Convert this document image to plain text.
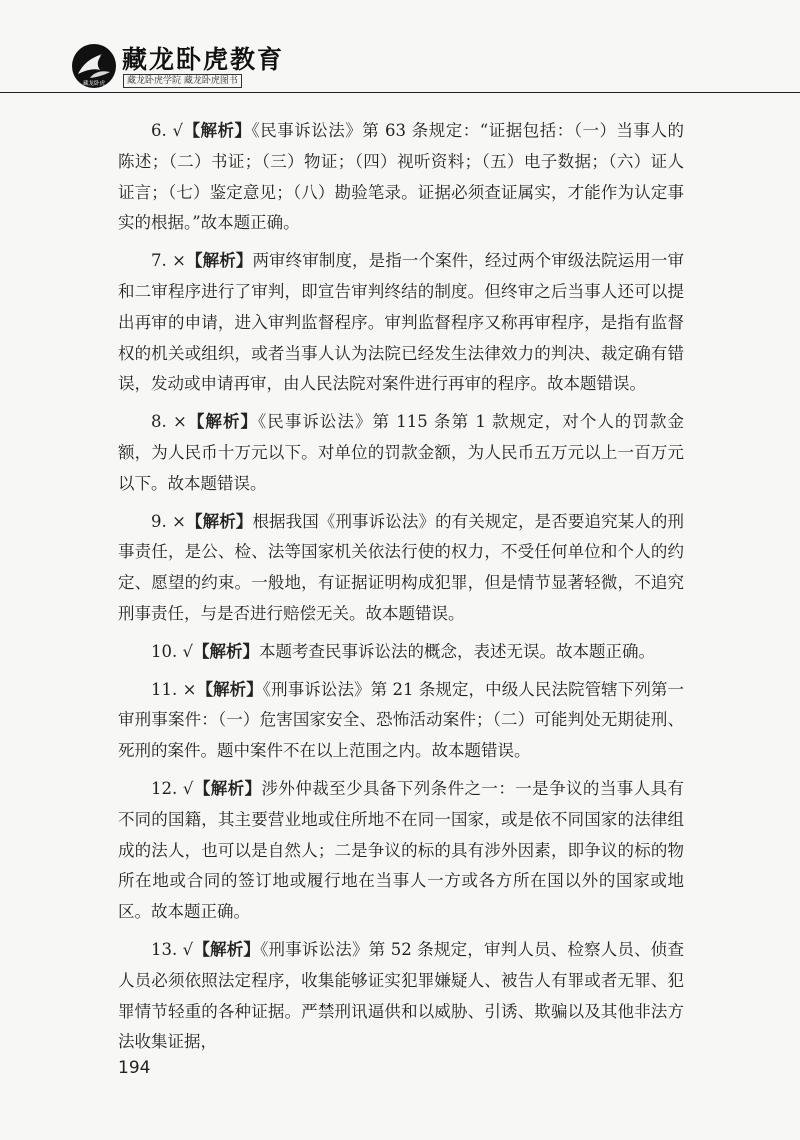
藏龙卧虎
藏龙卧虎教育
藏龙卧虎学院 藏龙卧虎图书

6. √【解析】《民事诉讼法》第 63 条规定：“证据包括：（一）当事人的陈述；（二）书证；（三）物证；（四）视听资料；（五）电子数据；（六）证人证言；（七）鉴定意见；（八）勘验笔录。证据必须查证属实，才能作为认定事实的根据。”故本题正确。

7. ×【解析】两审终审制度，是指一个案件，经过两个审级法院运用一审和二审程序进行了审判，即宣告审判终结的制度。但终审之后当事人还可以提出再审的申请，进入审判监督程序。审判监督程序又称再审程序，是指有监督权的机关或组织，或者当事人认为法院已经发生法律效力的判决、裁定确有错误，发动或申请再审，由人民法院对案件进行再审的程序。故本题错误。

8. ×【解析】《民事诉讼法》第 115 条第 1 款规定，对个人的罚款金额，为人民币十万元以下。对单位的罚款金额，为人民币五万元以上一百万元以下。故本题错误。

9. ×【解析】根据我国《刑事诉讼法》的有关规定，是否要追究某人的刑事责任，是公、检、法等国家机关依法行使的权力，不受任何单位和个人的约定、愿望的约束。一般地，有证据证明构成犯罪，但是情节显著轻微，不追究刑事责任，与是否进行赔偿无关。故本题错误。

10. √【解析】本题考查民事诉讼法的概念，表述无误。故本题正确。

11. ×【解析】《刑事诉讼法》第 21 条规定，中级人民法院管辖下列第一审刑事案件：（一）危害国家安全、恐怖活动案件；（二）可能判处无期徒刑、死刑的案件。题中案件不在以上范围之内。故本题错误。

12. √【解析】涉外仲裁至少具备下列条件之一：一是争议的当事人具有不同的国籍，其主要营业地或住所地不在同一国家，或是依不同国家的法律组成的法人，也可以是自然人；二是争议的标的具有涉外因素，即争议的标的物所在地或合同的签订地或履行地在当事人一方或各方所在国以外的国家或地区。故本题正确。

13. √【解析】《刑事诉讼法》第 52 条规定，审判人员、检察人员、侦查人员必须依照法定程序，收集能够证实犯罪嫌疑人、被告人有罪或者无罪、犯罪情节轻重的各种证据。严禁刑讯逼供和以威胁、引诱、欺骗以及其他非法方法收集证据，

194
